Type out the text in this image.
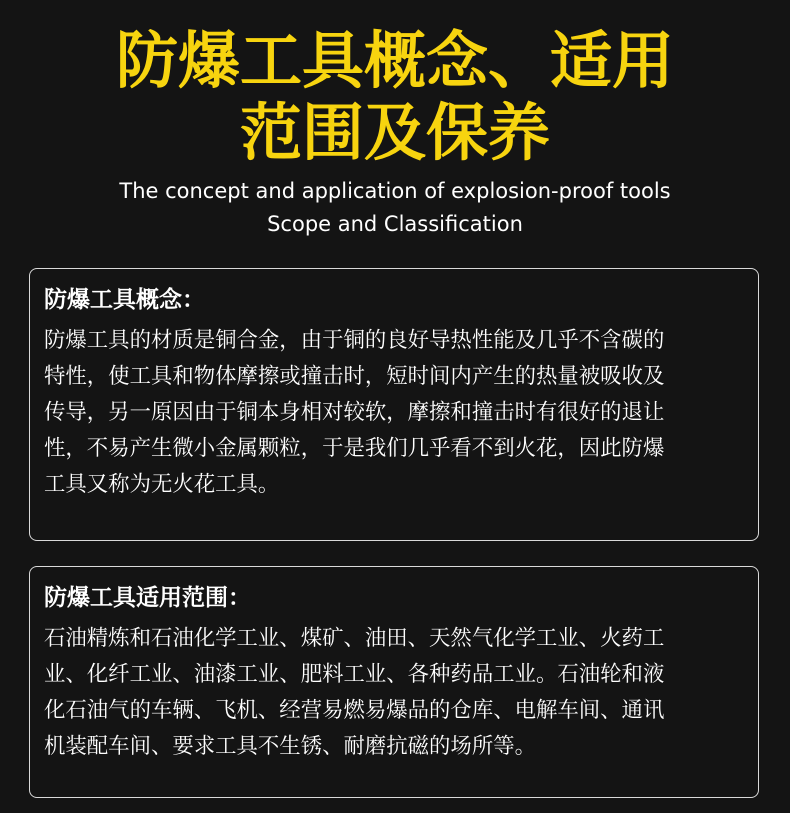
防爆工具概念、适用
范围及保养

The concept and application of explosion-proof tools

Scope and Classification

防爆工具概念：

防爆工具的材质是铜合金，由于铜的良好导热性能及几乎不含碳的
特性，使工具和物体摩擦或撞击时，短时间内产生的热量被吸收及
传导，另一原因由于铜本身相对较软，摩擦和撞击时有很好的退让
性，不易产生微小金属颗粒，于是我们几乎看不到火花，因此防爆
工具又称为无火花工具。

防爆工具适用范围：

石油精炼和石油化学工业、煤矿、油田、天然气化学工业、火药工
业、化纤工业、油漆工业、肥料工业、各种药品工业。石油轮和液
化石油气的车辆、飞机、经营易燃易爆品的仓库、电解车间、通讯
机装配车间、要求工具不生锈、耐磨抗磁的场所等。
